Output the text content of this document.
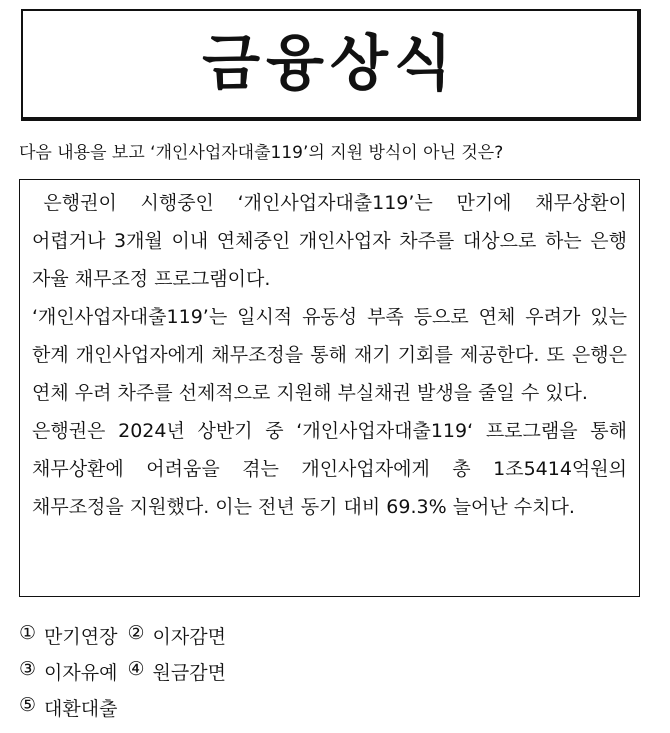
금융상식
다음 내용을 보고 ‘개인사업자대출119’의 지원 방식이 아닌 것은?

은행권이 시행중인 ‘개인사업자대출119’는 만기에 채무상환이 어렵거나 3개월 이내 연체중인 개인사업자 차주를 대상으로 하는 은행 자율 채무조정 프로그램이다.

‘개인사업자대출119’는 일시적 유동성 부족 등으로 연체 우려가 있는 한계 개인사업자에게 채무조정을 통해 재기 기회를 제공한다. 또 은행은 연체 우려 차주를 선제적으로 지원해 부실채권 발생을 줄일 수 있다.

은행권은 2024년 상반기 중 ‘개인사업자대출119‘ 프로그램을 통해 채무상환에 어려움을 겪는 개인사업자에게 총 1조5414억원의 채무조정을 지원했다. 이는 전년 동기 대비 69.3% 늘어난 수치다.

① 만기연장 ② 이자감면
③ 이자유예 ④ 원금감면
⑤ 대환대출
